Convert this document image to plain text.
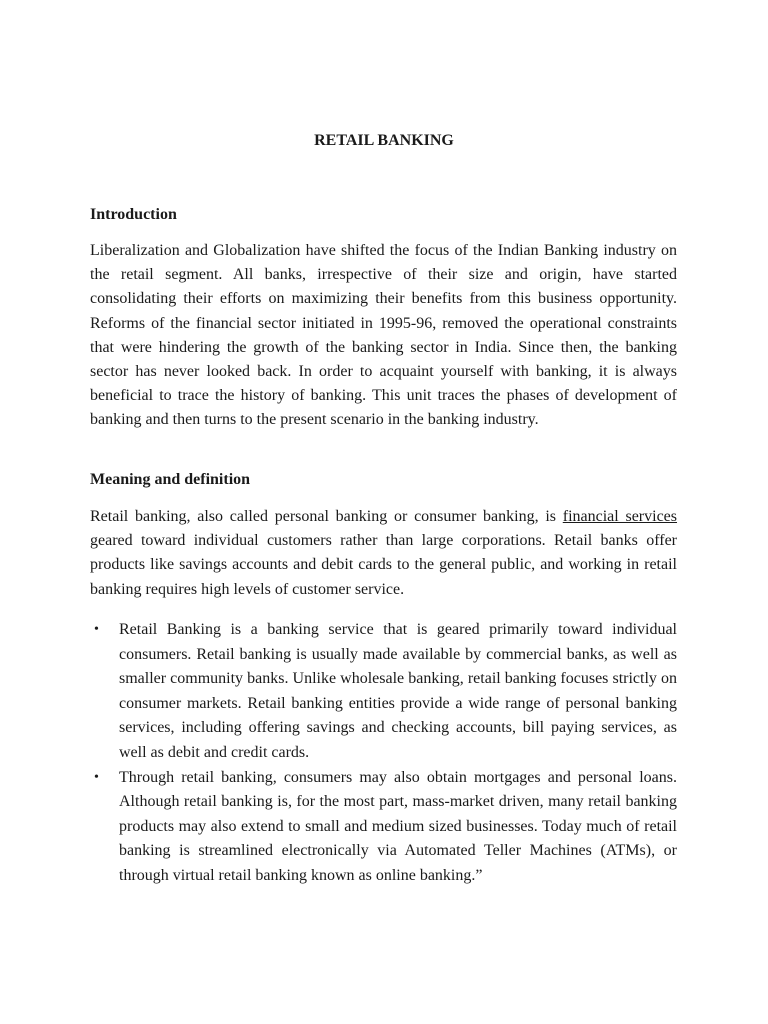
RETAIL BANKING
Introduction

Liberalization and Globalization have shifted the focus of the Indian Banking industry on the retail segment. All banks, irrespective of their size and origin, have started consolidating their efforts on maximizing their benefits from this business opportunity. Reforms of the financial sector initiated in 1995-96, removed the operational constraints that were hindering the growth of the banking sector in India. Since then, the banking sector has never looked back. In order to acquaint yourself with banking, it is always beneficial to trace the history of banking. This unit traces the phases of development of banking and then turns to the present scenario in the banking industry.

Meaning and definition

Retail banking, also called personal banking or consumer banking, is financial services geared toward individual customers rather than large corporations. Retail banks offer products like savings accounts and debit cards to the general public, and working in retail banking requires high levels of customer service.

• Retail Banking is a banking service that is geared primarily toward individual consumers. Retail banking is usually made available by commercial banks, as well as smaller community banks. Unlike wholesale banking, retail banking focuses strictly on consumer markets. Retail banking entities provide a wide range of personal banking services, including offering savings and checking accounts, bill paying services, as well as debit and credit cards.
• Through retail banking, consumers may also obtain mortgages and personal loans. Although retail banking is, for the most part, mass-market driven, many retail banking products may also extend to small and medium sized businesses. Today much of retail banking is streamlined electronically via Automated Teller Machines (ATMs), or through virtual retail banking known as online banking.”
